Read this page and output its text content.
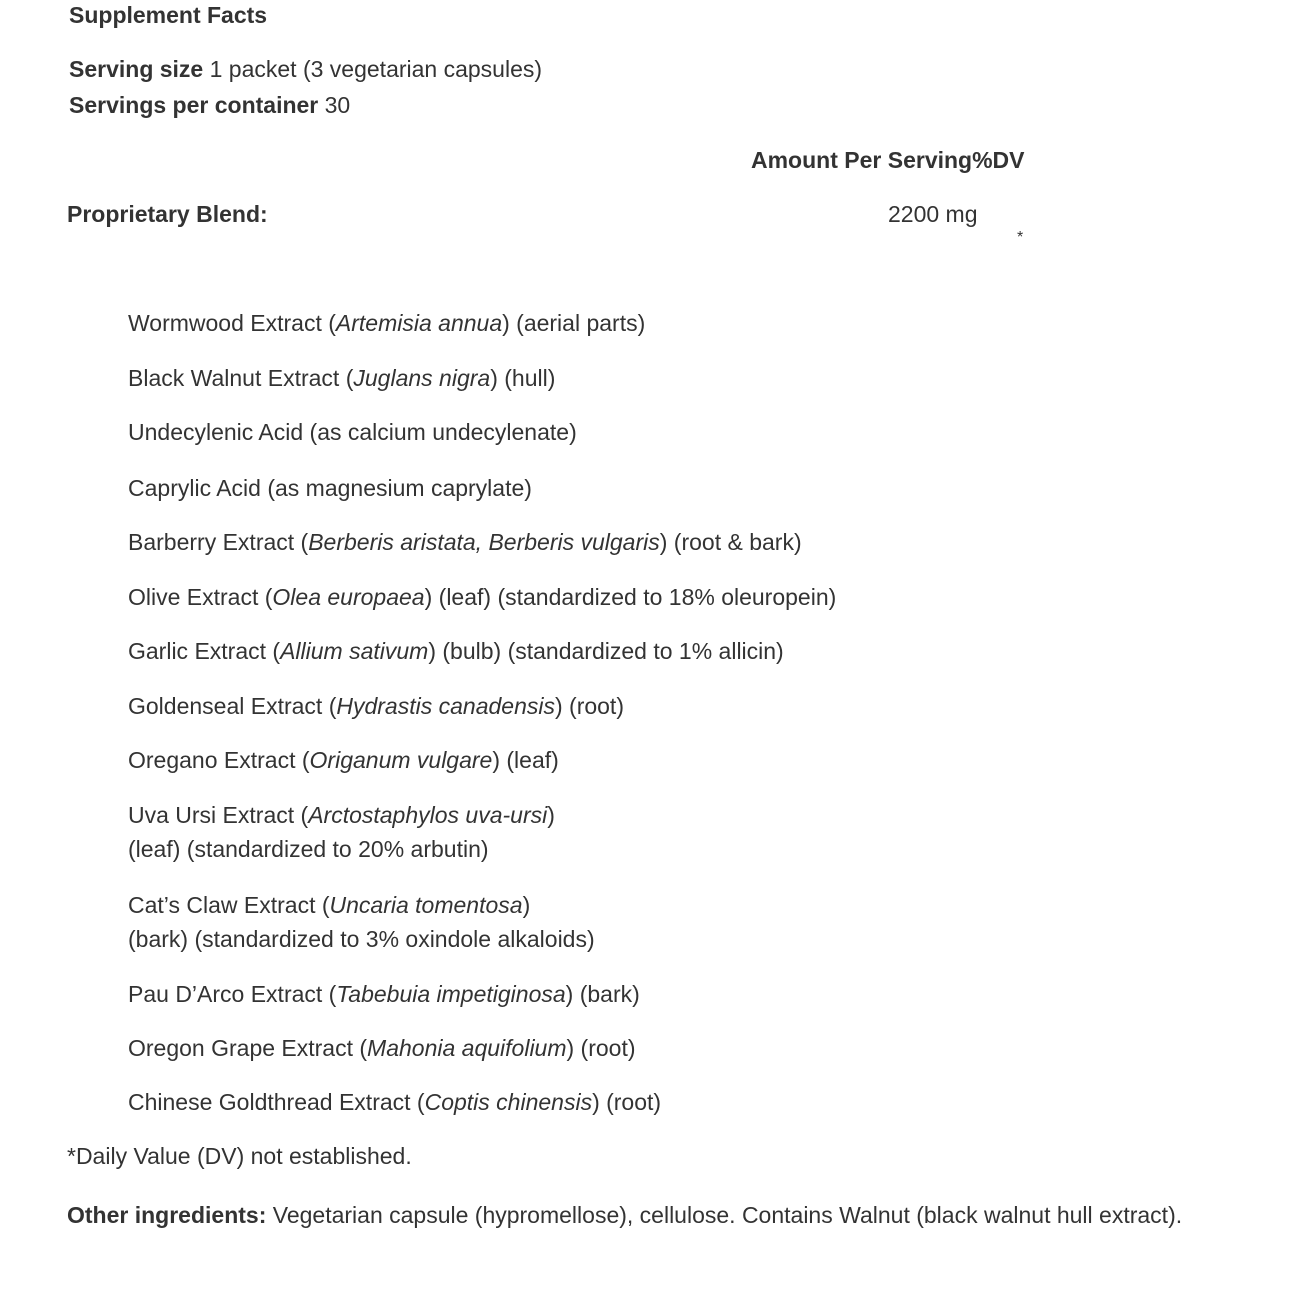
Supplement Facts
Serving size 1 packet (3 vegetarian capsules)
Servings per container 30
Amount Per Serving%DV
Proprietary Blend:	2200 mg
*
Wormwood Extract (Artemisia annua) (aerial parts)
Black Walnut Extract (Juglans nigra) (hull)
Undecylenic Acid (as calcium undecylenate)
Caprylic Acid (as magnesium caprylate)
Barberry Extract (Berberis aristata, Berberis vulgaris) (root & bark)
Olive Extract (Olea europaea) (leaf) (standardized to 18% oleuropein)
Garlic Extract (Allium sativum) (bulb) (standardized to 1% allicin)
Goldenseal Extract (Hydrastis canadensis) (root)
Oregano Extract (Origanum vulgare) (leaf)
Uva Ursi Extract (Arctostaphylos uva-ursi)
(leaf) (standardized to 20% arbutin)
Cat’s Claw Extract (Uncaria tomentosa)
(bark) (standardized to 3% oxindole alkaloids)
Pau D’Arco Extract (Tabebuia impetiginosa) (bark)
Oregon Grape Extract (Mahonia aquifolium) (root)
Chinese Goldthread Extract (Coptis chinensis) (root)
*Daily Value (DV) not established.
Other ingredients: Vegetarian capsule (hypromellose), cellulose. Contains Walnut (black walnut hull extract).
